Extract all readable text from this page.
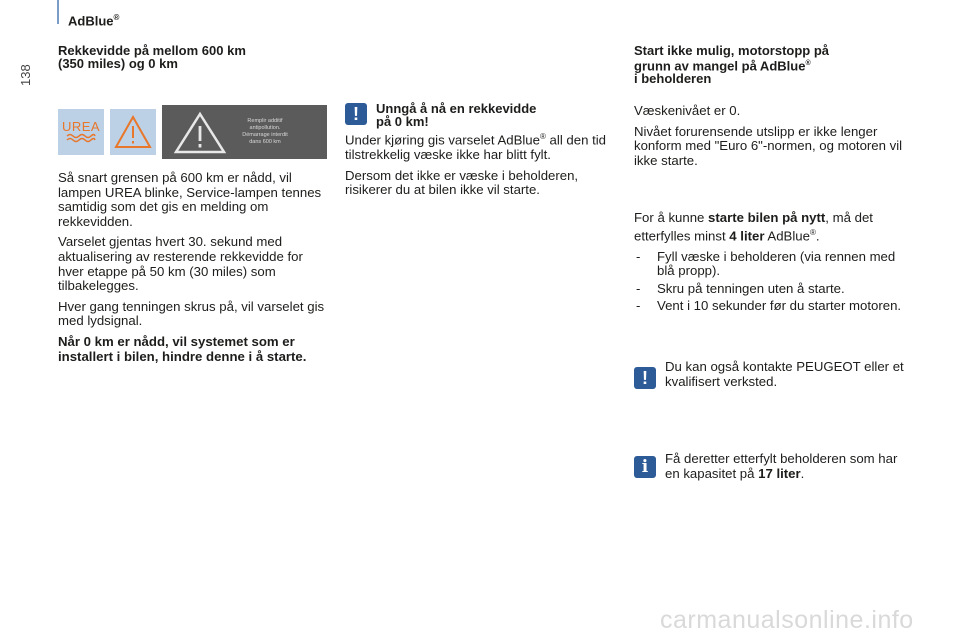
AdBlue®
138
Rekkevidde på mellom 600 km
(350 miles) og 0 km
UREA	Remplir additif
antipollution.
Démarrage interdit
dans 600 km

Så snart grensen på 600 km er nådd, vil lampen UREA blinke, Service-lampen tennes samtidig som det gis en melding om rekkevidden.

Varselet gjentas hvert 30. sekund med aktualisering av resterende rekkevidde for hver etappe på 50 km (30 miles) som tilbakelegges.

Hver gang tenningen skrus på, vil varselet gis med lydsignal.

Når 0 km er nådd, vil systemet som er installert i bilen, hindre denne i å starte.

!	Unngå å nå en rekkevidde
på 0 km!

Under kjøring gis varselet AdBlue® all den tid tilstrekkelig væske ikke har blitt fylt.

Dersom det ikke er væske i beholderen, risikerer du at bilen ikke vil starte.

Start ikke mulig, motorstopp på
grunn av mangel på AdBlue®
i beholderen

Væskenivået er 0.

Nivået forurensende utslipp er ikke lenger konform med "Euro 6"-normen, og motoren vil ikke starte.

For å kunne starte bilen på nytt, må det etterfylles minst 4 liter AdBlue®.

- Fyll væske i beholderen (via rennen med blå propp).
- Skru på tenningen uten å starte.
- Vent i 10 sekunder før du starter motoren.
!
Du kan også kontakte PEUGEOT eller et kvalifisert verksted.
i	Få deretter etterfylt beholderen som har en kapasitet på 17 liter.
carmanualsonline.info
